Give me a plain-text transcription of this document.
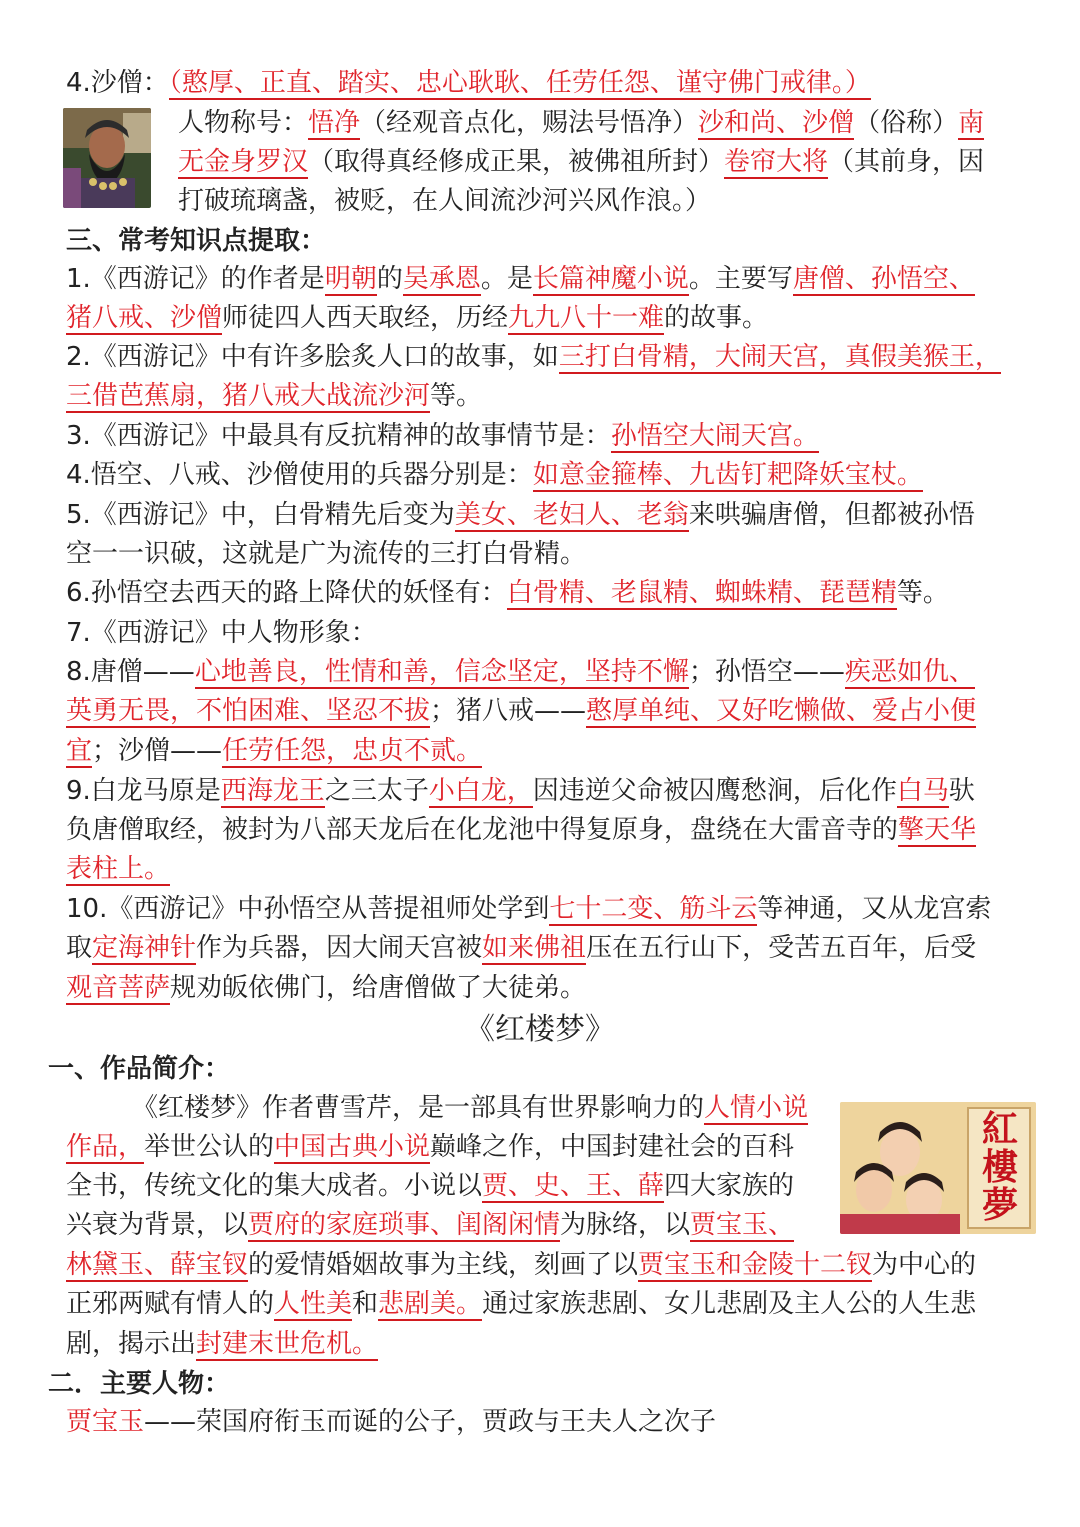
4.沙僧：（憨厚、正直、踏实、忠心耿耿、任劳任怨、谨守佛门戒律。）
人物称号：悟净（经观音点化，赐法号悟净）沙和尚、沙僧（俗称）南
无金身罗汉（取得真经修成正果，被佛祖所封）卷帘大将（其前身，因
打破琉璃盏，被贬，在人间流沙河兴风作浪。）
三、常考知识点提取：
1.《西游记》的作者是明朝的吴承恩。是长篇神魔小说。主要写唐僧、孙悟空、
猪八戒、沙僧师徒四人西天取经，历经九九八十一难的故事。
2.《西游记》中有许多脍炙人口的故事，如三打白骨精，大闹天宫，真假美猴王，
三借芭蕉扇，猪八戒大战流沙河等。
3.《西游记》中最具有反抗精神的故事情节是：孙悟空大闹天宫。
4.悟空、八戒、沙僧使用的兵器分别是：如意金箍棒、九齿钉耙降妖宝杖。
5.《西游记》中，白骨精先后变为美女、老妇人、老翁来哄骗唐僧，但都被孙悟
空一一识破，这就是广为流传的三打白骨精。
6.孙悟空去西天的路上降伏的妖怪有：白骨精、老鼠精、蜘蛛精、琵琶精等。
7.《西游记》中人物形象：
8.唐僧——心地善良，性情和善，信念坚定，坚持不懈；孙悟空——疾恶如仇、
英勇无畏，不怕困难、坚忍不拔；猪八戒——憨厚单纯、又好吃懒做、爱占小便
宜；沙僧——任劳任怨，忠贞不贰。
9.白龙马原是西海龙王之三太子小白龙，因违逆父命被囚鹰愁涧，后化作白马驮
负唐僧取经，被封为八部天龙后在化龙池中得复原身，盘绕在大雷音寺的擎天华
表柱上。
10.《西游记》中孙悟空从菩提祖师处学到七十二变、筋斗云等神通，又从龙宫索
取定海神针作为兵器，因大闹天宫被如来佛祖压在五行山下，受苦五百年，后受
观音菩萨规劝皈依佛门，给唐僧做了大徒弟。
《红楼梦》
一、作品简介：
《红楼梦》作者曹雪芹，是一部具有世界影响力的人情小说
作品，举世公认的中国古典小说巅峰之作，中国封建社会的百科
全书，传统文化的集大成者。小说以贾、史、王、薛四大家族的
兴衰为背景，以贾府的家庭琐事、闺阁闲情为脉络，以贾宝玉、
紅樓夢
林黛玉、薛宝钗的爱情婚姻故事为主线，刻画了以贾宝玉和金陵十二钗为中心的
正邪两赋有情人的人性美和悲剧美。通过家族悲剧、女儿悲剧及主人公的人生悲
剧，揭示出封建末世危机。
二．主要人物：
贾宝玉——荣国府衔玉而诞的公子，贾政与王夫人之次子
